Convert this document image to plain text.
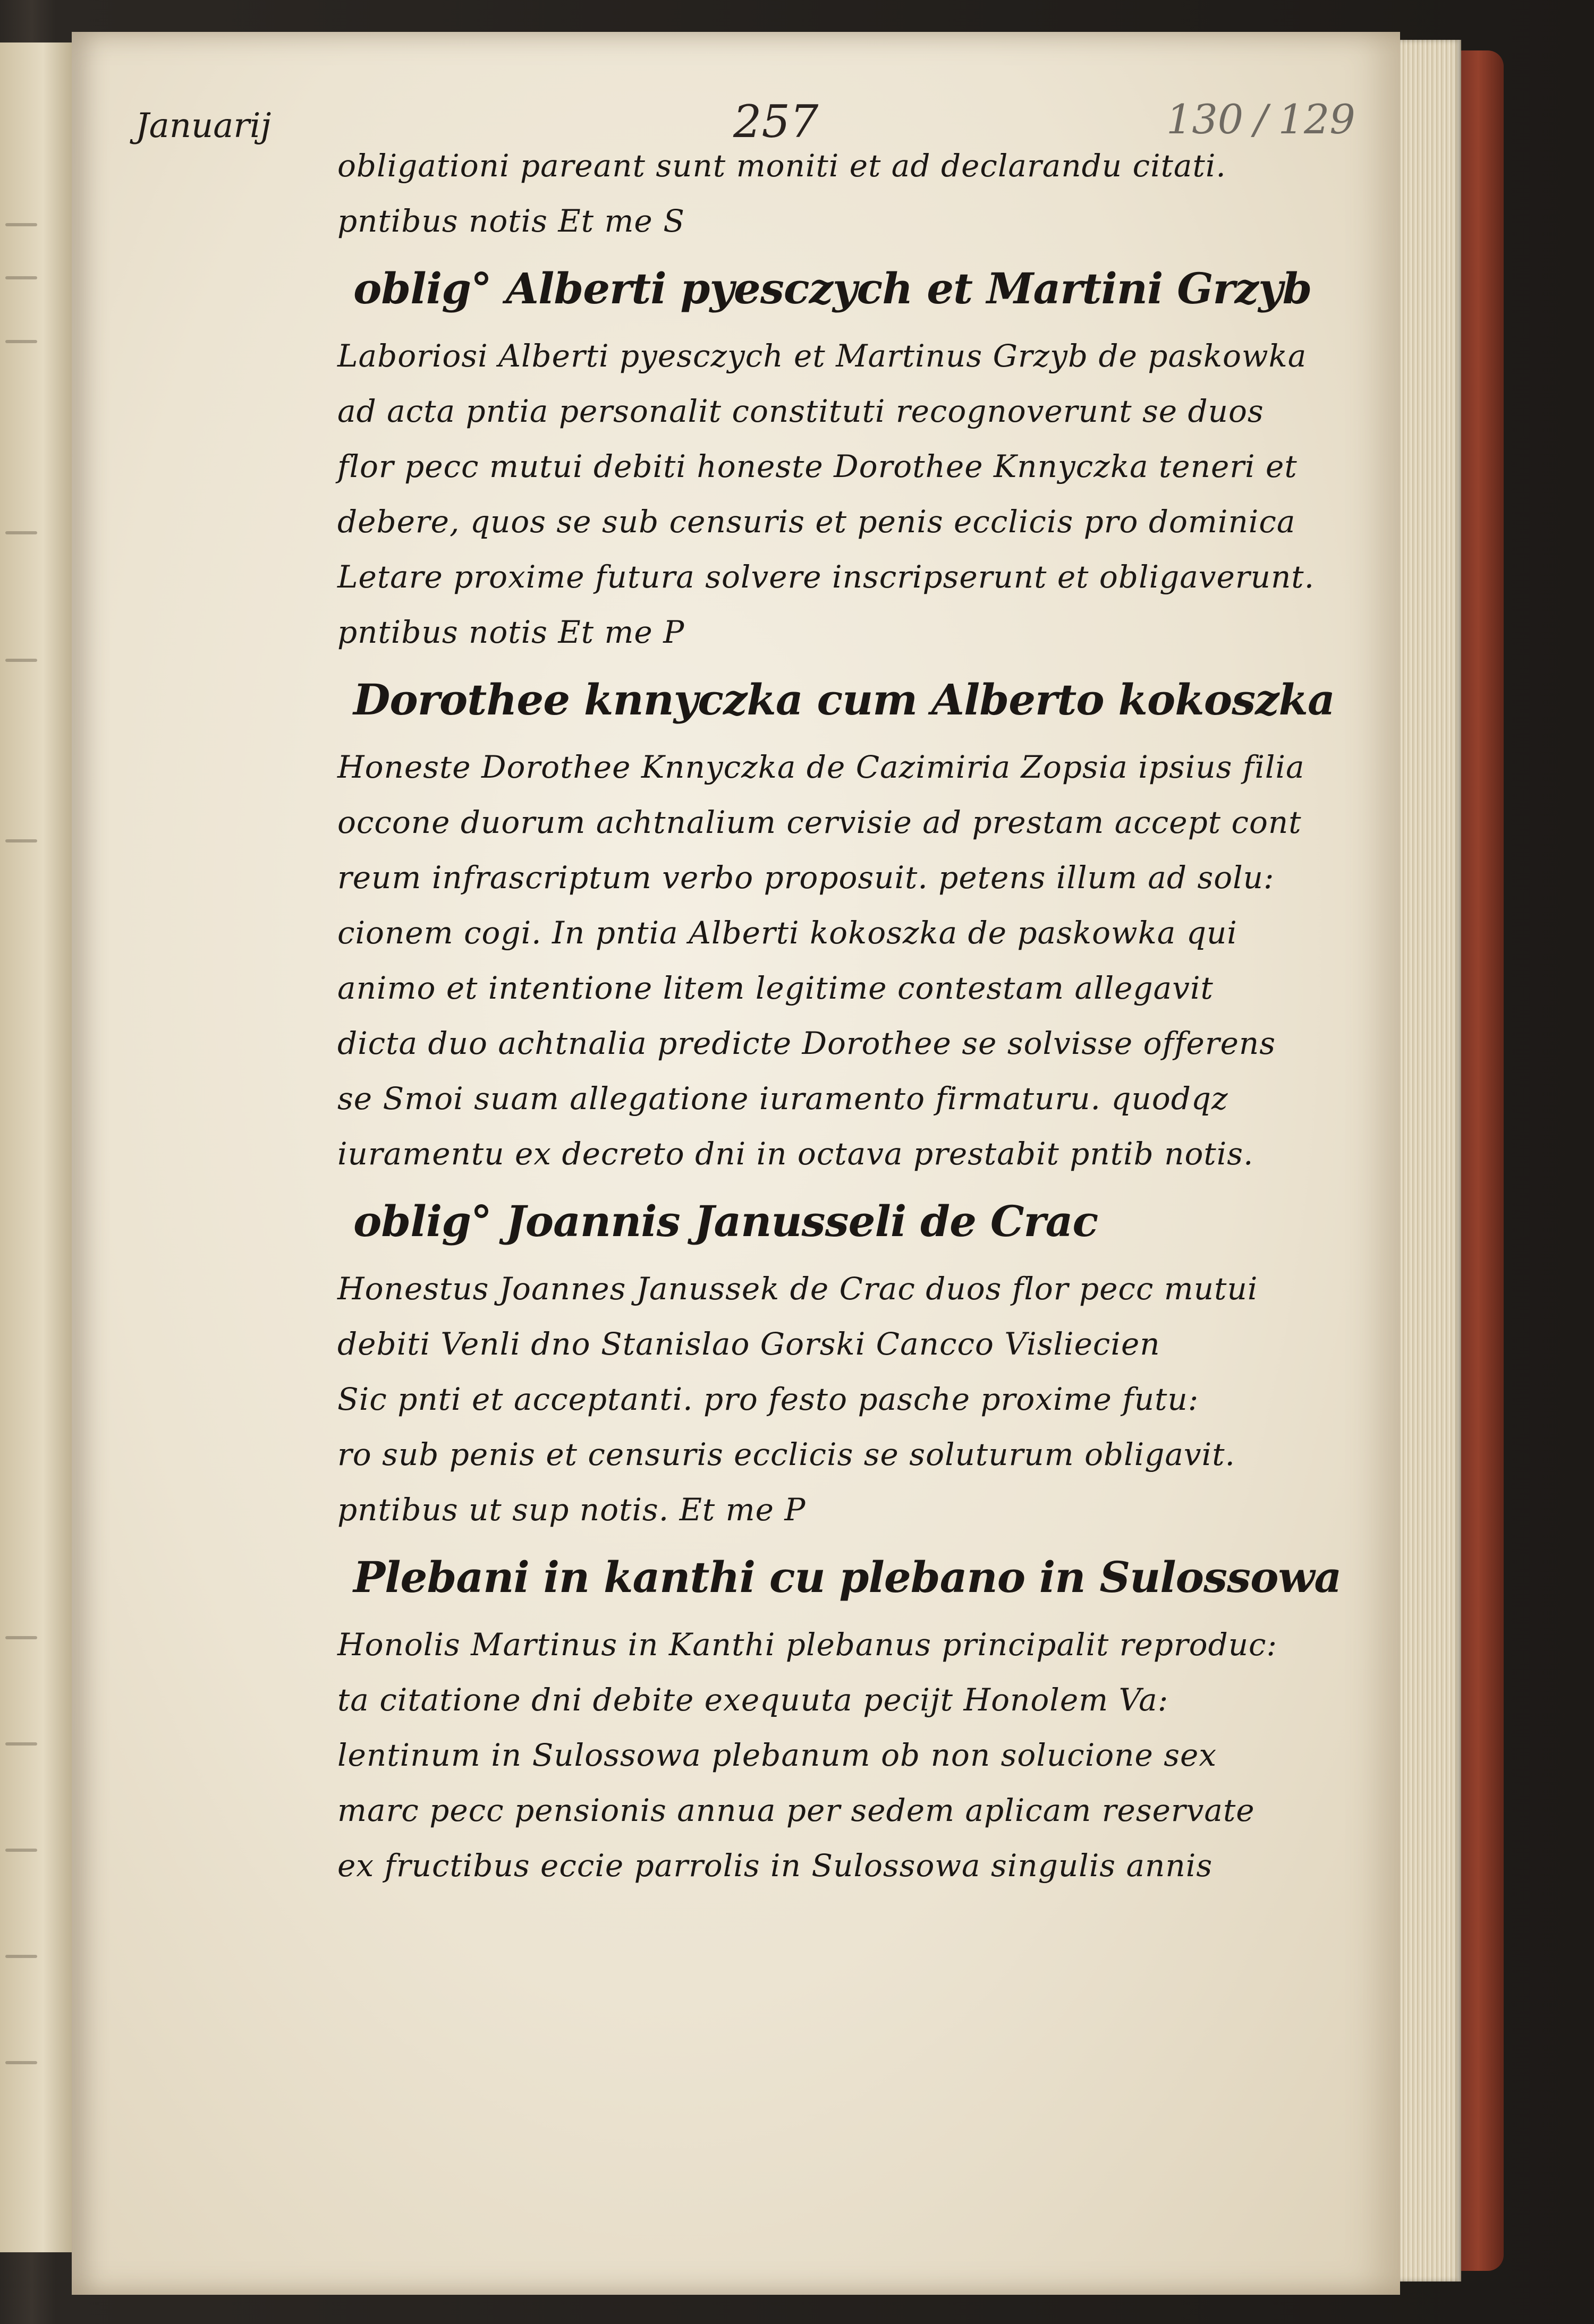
Januarij	257	130 / 129
obligationi pareant sunt moniti et ad declarandu citati.
pntibus notis Et me S
oblig° Alberti pyesczych et Martini Grzyb
Laboriosi Alberti pyesczych et Martinus Grzyb de paskowka
ad acta pntia personalit constituti recognoverunt se duos
flor pecc mutui debiti honeste Dorothee Knnyczka teneri et
debere, quos se sub censuris et penis ecclicis pro dominica
Letare proxime futura solvere inscripserunt et obligaverunt.
pntibus notis Et me P
Dorothee knnyczka cum Alberto kokoszka
Honeste Dorothee Knnyczka de Cazimiria Zopsia ipsius filia
occone duorum achtnalium cervisie ad prestam accept cont
reum infrascriptum verbo proposuit. petens illum ad solu:
cionem cogi. In pntia Alberti kokoszka de paskowka qui
animo et intentione litem legitime contestam allegavit
dicta duo achtnalia predicte Dorothee se solvisse offerens
se Smoi suam allegatione iuramento firmaturu. quodqz
iuramentu ex decreto dni in octava prestabit pntib notis.
oblig° Joannis Janusseli de Crac
Honestus Joannes Janussek de Crac duos flor pecc mutui
debiti Venli dno Stanislao Gorski Cancco Visliecien
Sic pnti et acceptanti. pro festo pasche proxime futu:
ro sub penis et censuris ecclicis se soluturum obligavit.
pntibus ut sup notis. Et me P
Plebani in kanthi cu plebano in Sulossowa
Honolis Martinus in Kanthi plebanus principalit reproduc:
ta citatione dni debite exequuta pecijt Honolem Va:
lentinum in Sulossowa plebanum ob non solucione sex
marc pecc pensionis annua per sedem aplicam reservate
ex fructibus eccie parrolis in Sulossowa singulis annis
